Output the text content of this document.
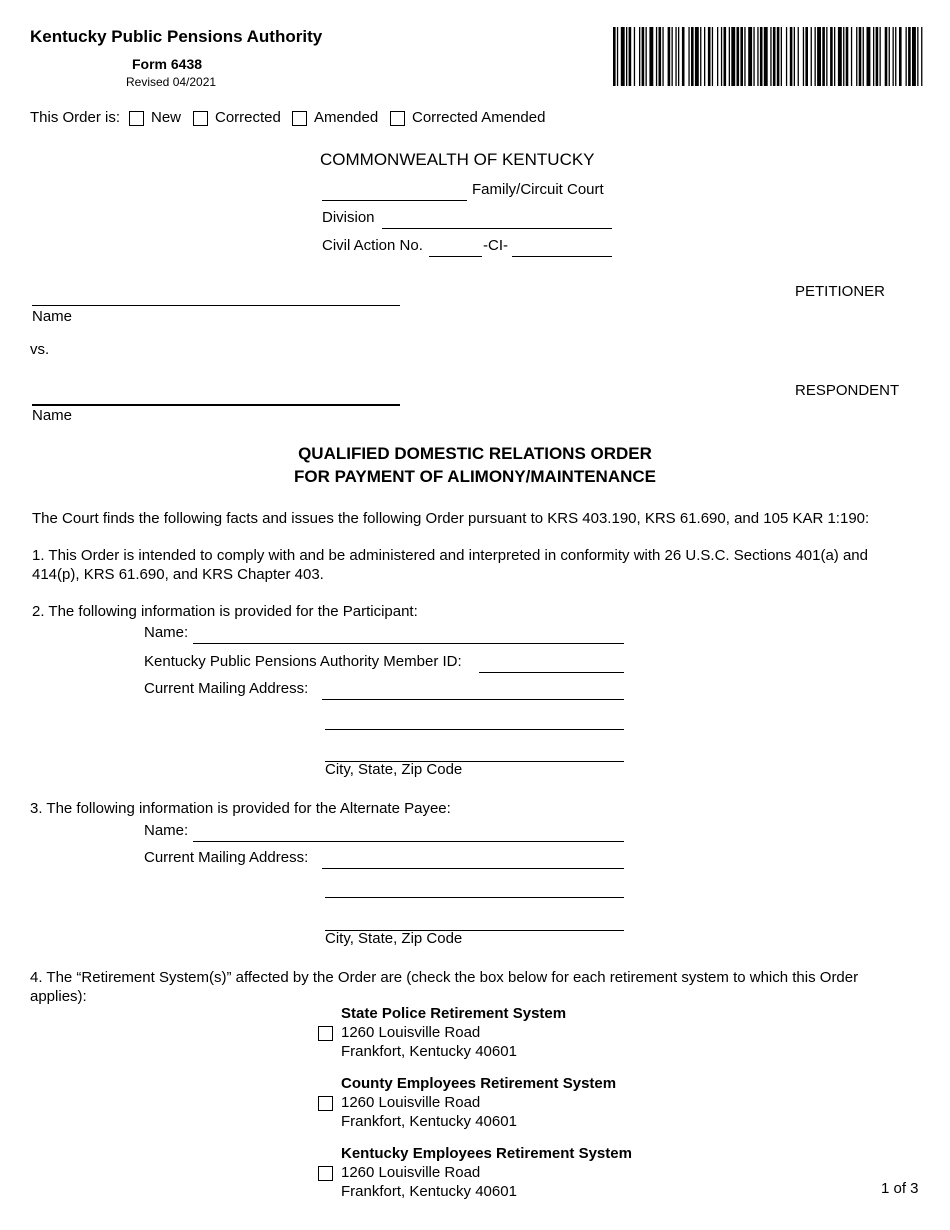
Kentucky Public Pensions Authority
Form 6438
Revised 04/2021
This Order is: New Corrected Amended Corrected Amended
COMMONWEALTH OF KENTUCKY
Family/Circuit Court
Division
Civil Action No.	-CI-
PETITIONER
Name
vs.
RESPONDENT
Name
QUALIFIED DOMESTIC RELATIONS ORDER
FOR PAYMENT OF ALIMONY/MAINTENANCE
The Court finds the following facts and issues the following Order pursuant to KRS 403.190, KRS 61.690, and 105 KAR 1:190:
1. This Order is intended to comply with and be administered and interpreted in conformity with 26 U.S.C. Sections 401(a) and 414(p), KRS 61.690, and KRS Chapter 403.
2. The following information is provided for the Participant:
Name:
Kentucky Public Pensions Authority Member ID:
Current Mailing Address:
City, State, Zip Code
3. The following information is provided for the Alternate Payee:
Name:
Current Mailing Address:
City, State, Zip Code
4. The “Retirement System(s)” affected by the Order are (check the box below for each retirement system to which this Order applies):
State Police Retirement System
1260 Louisville Road
Frankfort, Kentucky 40601
County Employees Retirement System
1260 Louisville Road
Frankfort, Kentucky 40601
Kentucky Employees Retirement System
1260 Louisville Road
Frankfort, Kentucky 40601	1 of 3
